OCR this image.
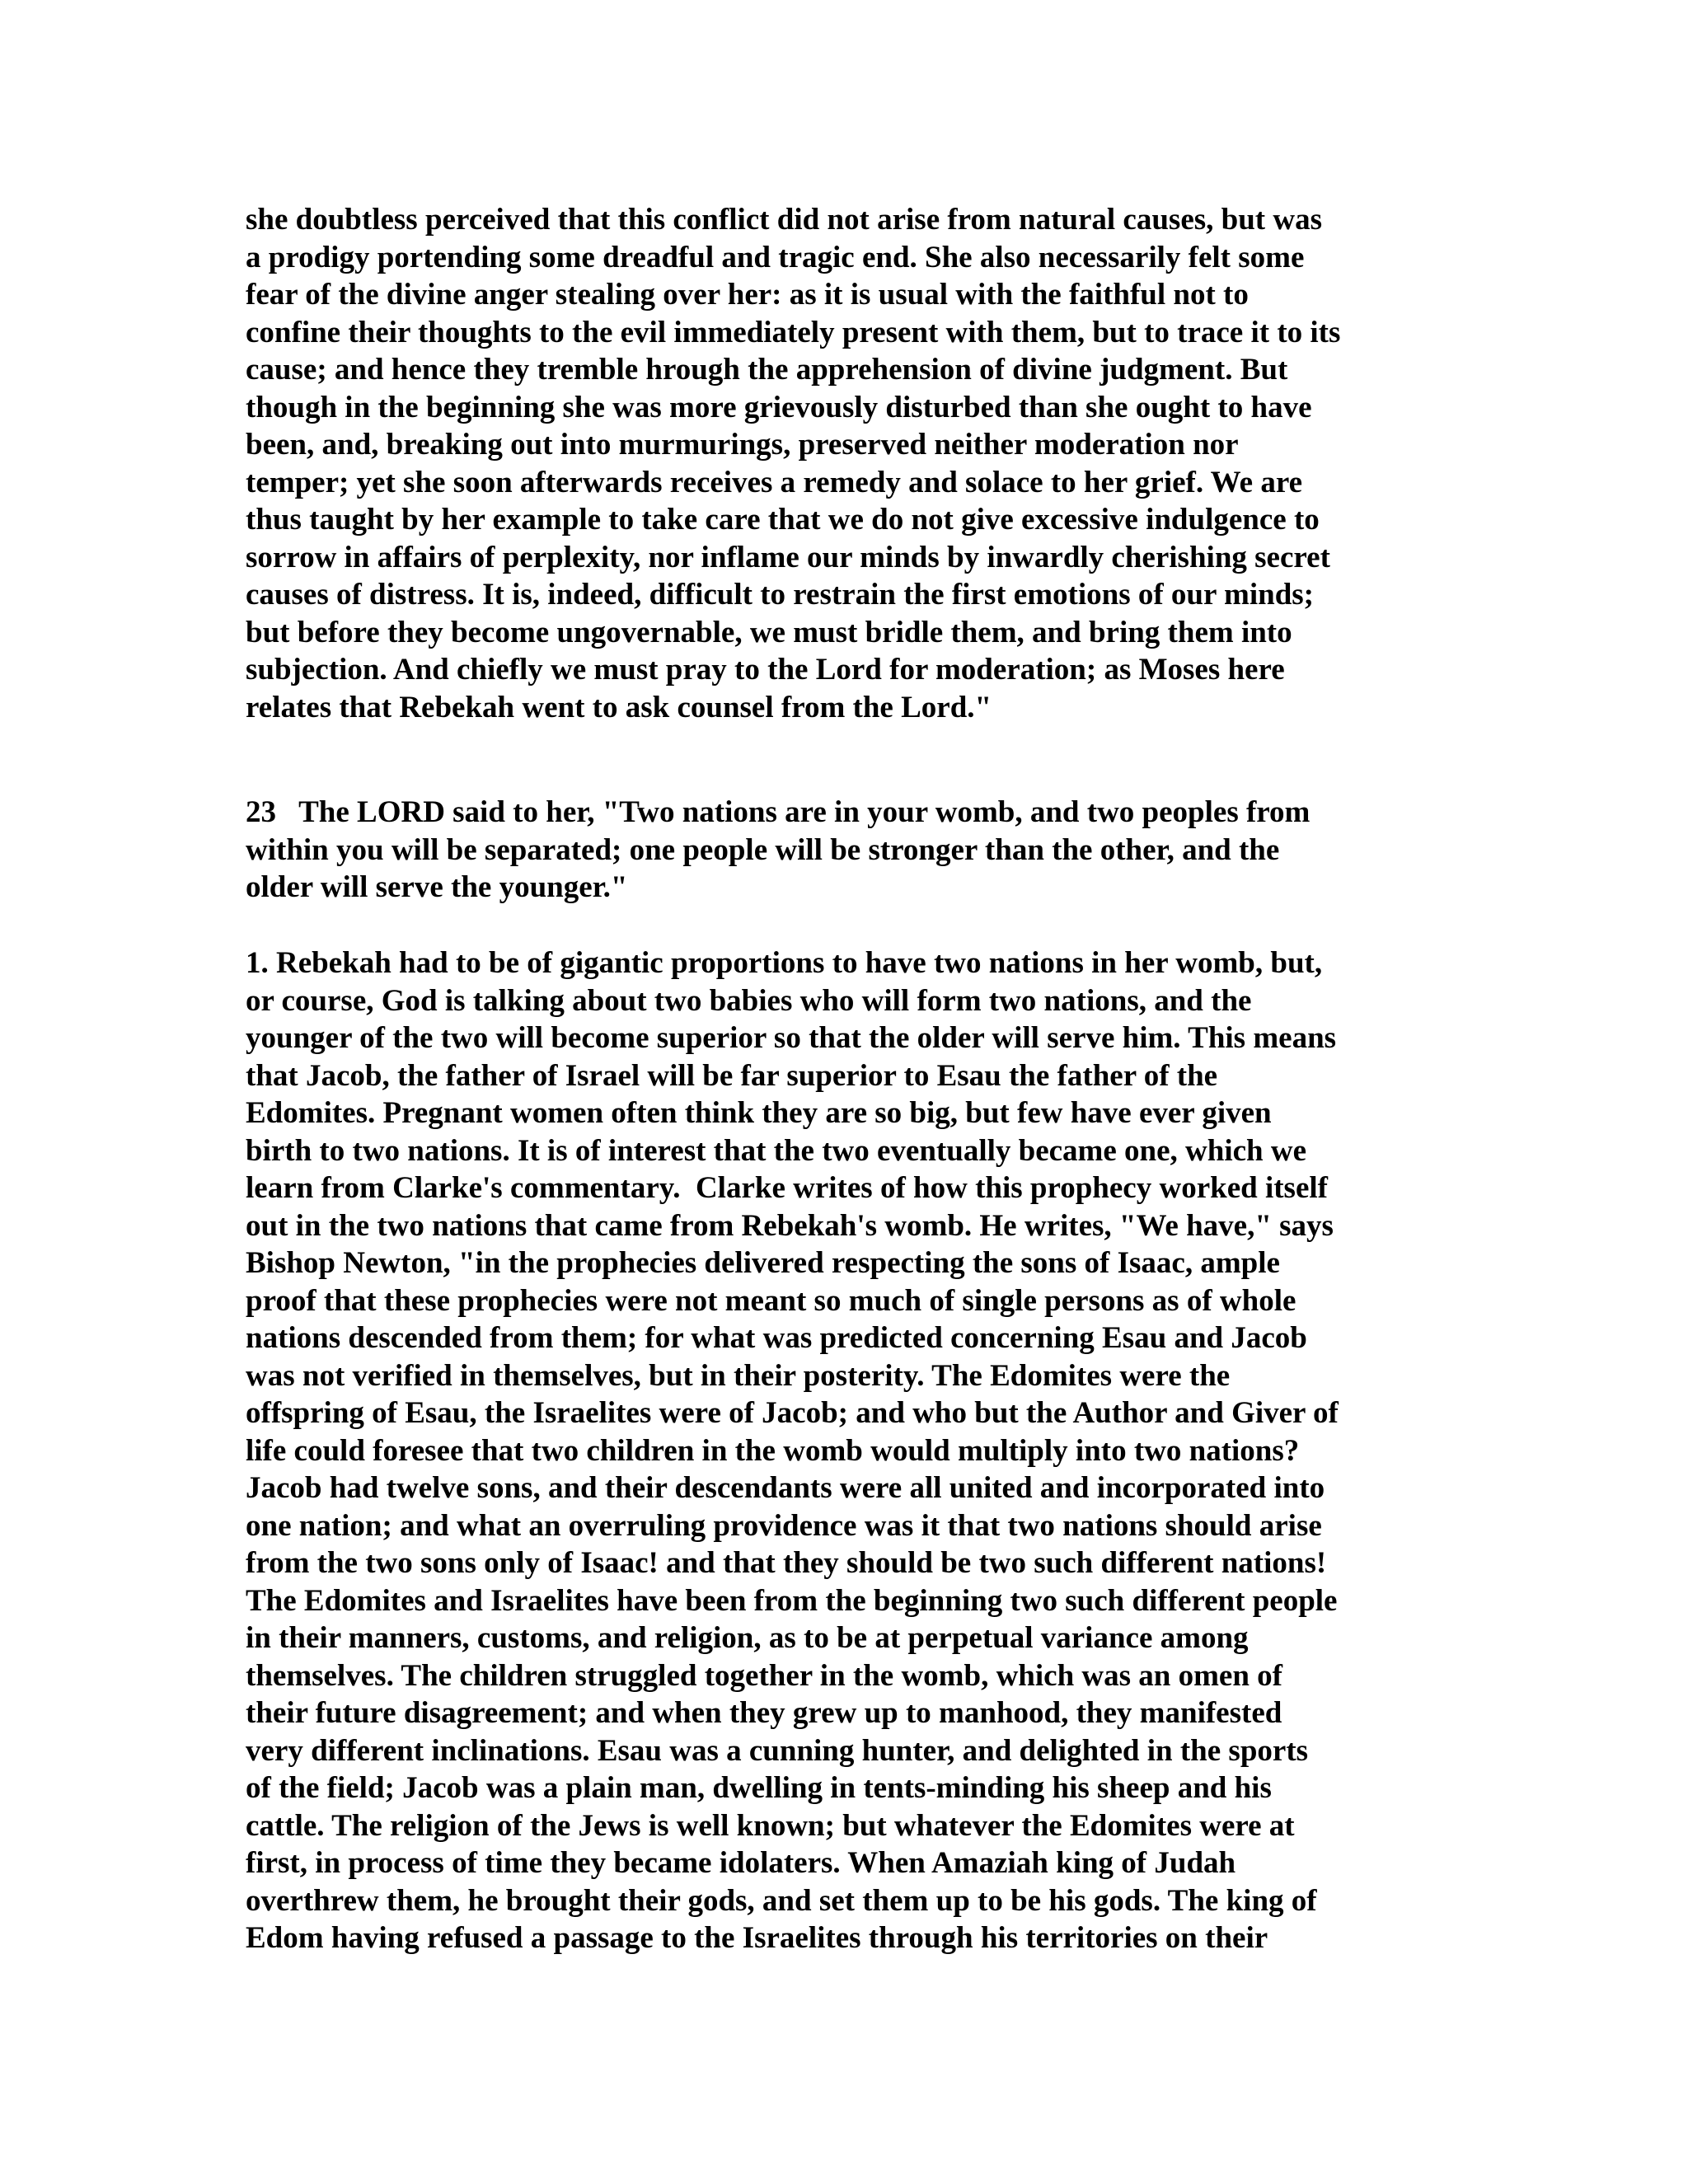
she doubtless perceived that this conflict did not arise from natural causes, but was
a prodigy portending some dreadful and tragic end. She also necessarily felt some
fear of the divine anger stealing over her: as it is usual with the faithful not to
confine their thoughts to the evil immediately present with them, but to trace it to its
cause; and hence they tremble hrough the apprehension of divine judgment. But
though in the beginning she was more grievously disturbed than she ought to have
been, and, breaking out into murmurings, preserved neither moderation nor
temper; yet she soon afterwards receives a remedy and solace to her grief. We are
thus taught by her example to take care that we do not give excessive indulgence to
sorrow in affairs of perplexity, nor inflame our minds by inwardly cherishing secret
causes of distress. It is, indeed, difficult to restrain the first emotions of our minds;
but before they become ungovernable, we must bridle them, and bring them into
subjection. And chiefly we must pray to the Lord for moderation; as Moses here
relates that Rebekah went to ask counsel from the Lord."
23   The LORD said to her, "Two nations are in your womb, and two peoples from
within you will be separated; one people will be stronger than the other, and the
older will serve the younger."
1. Rebekah had to be of gigantic proportions to have two nations in her womb, but,
or course, God is talking about two babies who will form two nations, and the
younger of the two will become superior so that the older will serve him. This means
that Jacob, the father of Israel will be far superior to Esau the father of the
Edomites. Pregnant women often think they are so big, but few have ever given
birth to two nations. It is of interest that the two eventually became one, which we
learn from Clarke's commentary.  Clarke writes of how this prophecy worked itself
out in the two nations that came from Rebekah's womb. He writes, "We have," says
Bishop Newton, "in the prophecies delivered respecting the sons of Isaac, ample
proof that these prophecies were not meant so much of single persons as of whole
nations descended from them; for what was predicted concerning Esau and Jacob
was not verified in themselves, but in their posterity. The Edomites were the
offspring of Esau, the Israelites were of Jacob; and who but the Author and Giver of
life could foresee that two children in the womb would multiply into two nations?
Jacob had twelve sons, and their descendants were all united and incorporated into
one nation; and what an overruling providence was it that two nations should arise
from the two sons only of Isaac! and that they should be two such different nations!
The Edomites and Israelites have been from the beginning two such different people
in their manners, customs, and religion, as to be at perpetual variance among
themselves. The children struggled together in the womb, which was an omen of
their future disagreement; and when they grew up to manhood, they manifested
very different inclinations. Esau was a cunning hunter, and delighted in the sports
of the field; Jacob was a plain man, dwelling in tents-minding his sheep and his
cattle. The religion of the Jews is well known; but whatever the Edomites were at
first, in process of time they became idolaters. When Amaziah king of Judah
overthrew them, he brought their gods, and set them up to be his gods. The king of
Edom having refused a passage to the Israelites through his territories on their
